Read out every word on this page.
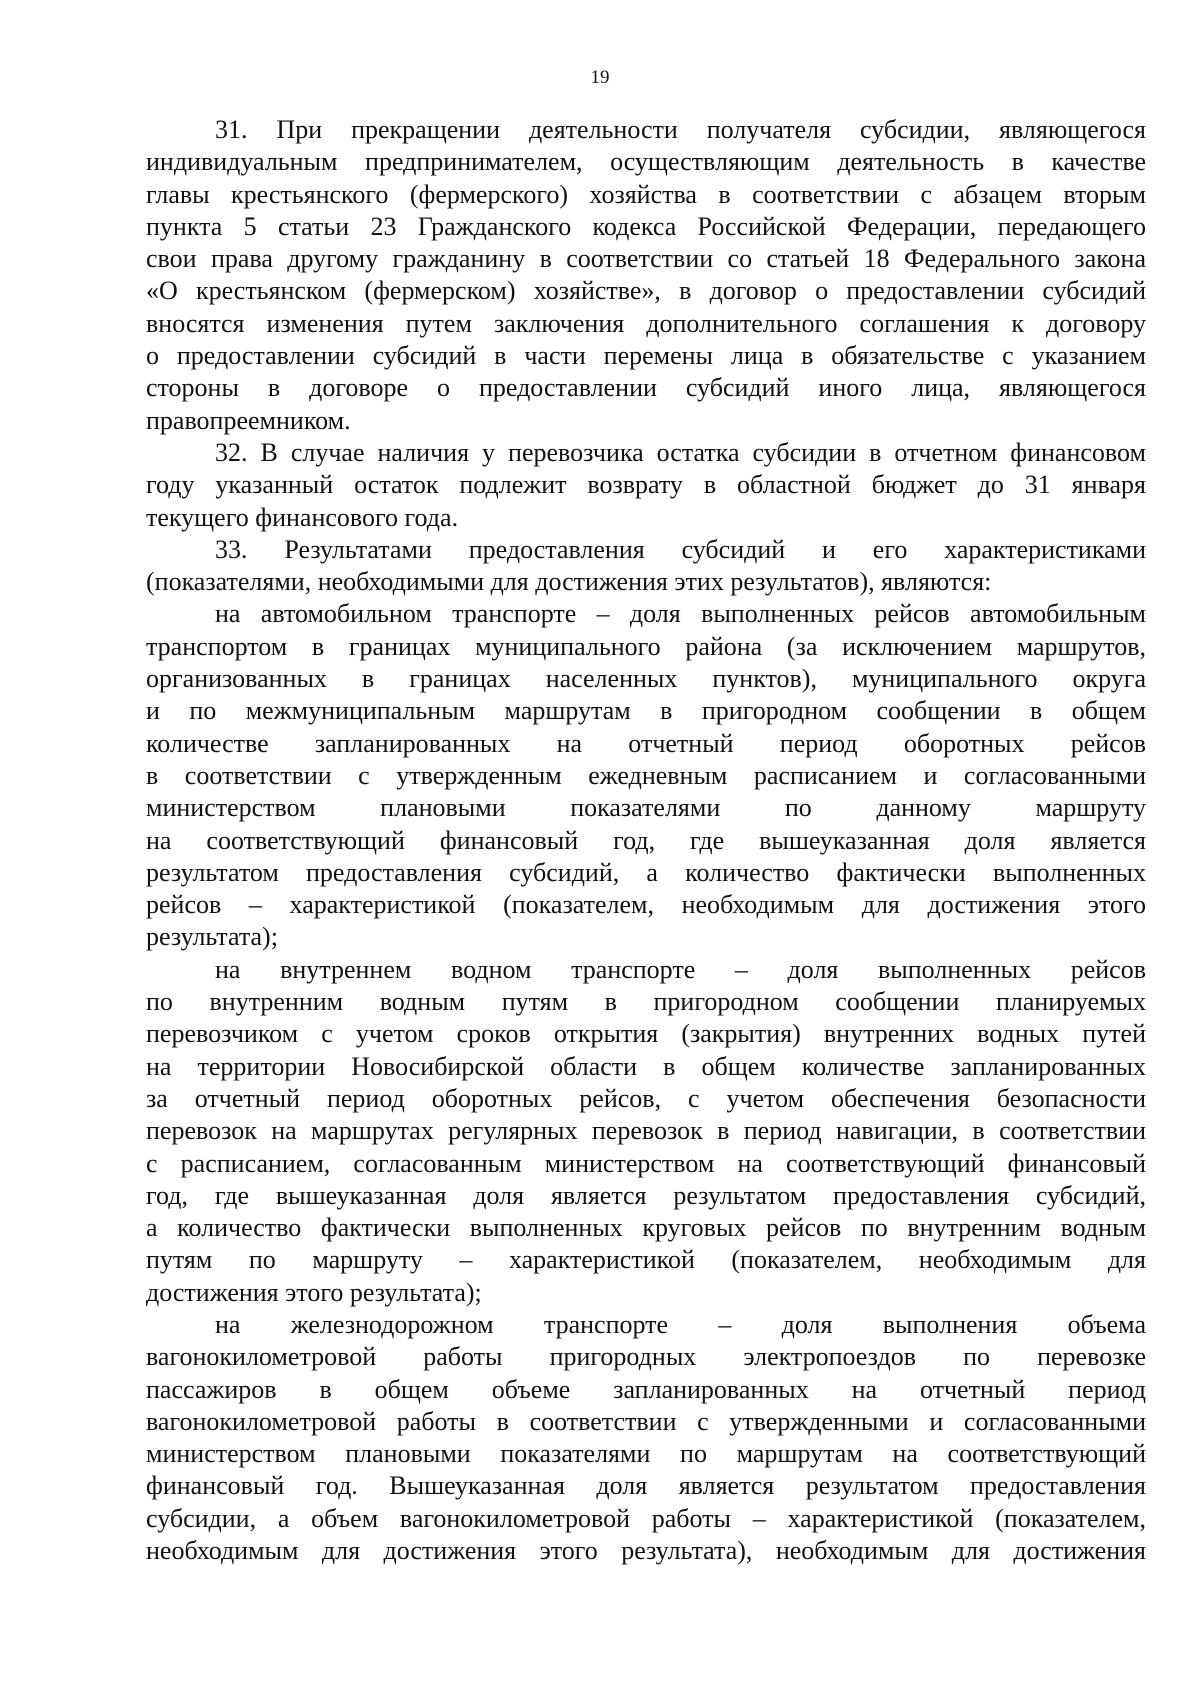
19
31. При прекращении деятельности получателя субсидии, являющегося
индивидуальным предпринимателем, осуществляющим деятельность в качестве
главы крестьянского (фермерского) хозяйства в соответствии с абзацем вторым
пункта 5 статьи 23 Гражданского кодекса Российской Федерации, передающего
свои права другому гражданину в соответствии со статьей 18 Федерального закона
«О крестьянском (фермерском) хозяйстве», в договор о предоставлении субсидий
вносятся изменения путем заключения дополнительного соглашения к договору
о предоставлении субсидий в части перемены лица в обязательстве с указанием
стороны в договоре о предоставлении субсидий иного лица, являющегося
правопреемником.
32. В случае наличия у перевозчика остатка субсидии в отчетном финансовом
году указанный остаток подлежит возврату в областной бюджет до 31 января
текущего финансового года.
33. Результатами предоставления субсидий и его характеристиками
(показателями, необходимыми для достижения этих результатов), являются:
на автомобильном транспорте – доля выполненных рейсов автомобильным
транспортом в границах муниципального района (за исключением маршрутов,
организованных в границах населенных пунктов), муниципального округа
и по межмуниципальным маршрутам в пригородном сообщении в общем
количестве запланированных на отчетный период оборотных рейсов
в соответствии с утвержденным ежедневным расписанием и согласованными
министерством плановыми показателями по данному маршруту
на соответствующий финансовый год, где вышеуказанная доля является
результатом предоставления субсидий, а количество фактически выполненных
рейсов – характеристикой (показателем, необходимым для достижения этого
результата);
на внутреннем водном транспорте – доля выполненных рейсов
по внутренним водным путям в пригородном сообщении планируемых
перевозчиком с учетом сроков открытия (закрытия) внутренних водных путей
на территории Новосибирской области в общем количестве запланированных
за отчетный период оборотных рейсов, с учетом обеспечения безопасности
перевозок на маршрутах регулярных перевозок в период навигации, в соответствии
с расписанием, согласованным министерством на соответствующий финансовый
год, где вышеуказанная доля является результатом предоставления субсидий,
а количество фактически выполненных круговых рейсов по внутренним водным
путям по маршруту – характеристикой (показателем, необходимым для
достижения этого результата);
на железнодорожном транспорте – доля выполнения объема
вагонокилометровой работы пригородных электропоездов по перевозке
пассажиров в общем объеме запланированных на отчетный период
вагонокилометровой работы в соответствии с утвержденными и согласованными
министерством плановыми показателями по маршрутам на соответствующий
финансовый год. Вышеуказанная доля является результатом предоставления
субсидии, а объем вагонокилометровой работы – характеристикой (показателем,
необходимым для достижения этого результата), необходимым для достижения
